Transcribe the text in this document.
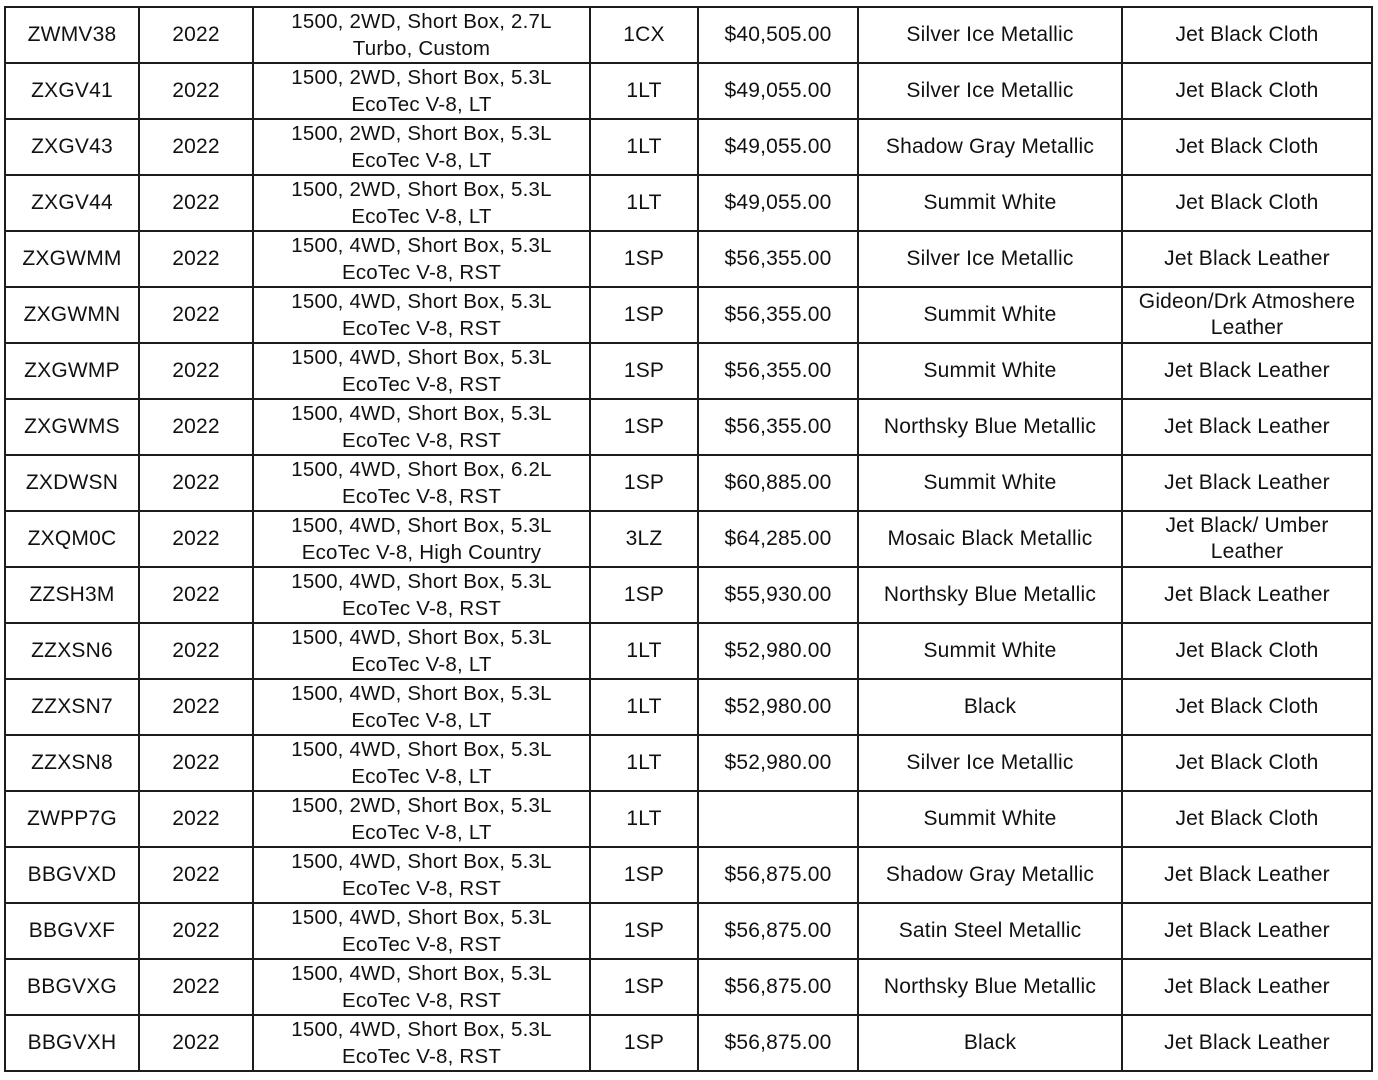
ZWMV38	2022	1500, 2WD, Short Box, 2.7L
Turbo, Custom	1CX	$40,505.00	Silver Ice Metallic	Jet Black Cloth
ZXGV41	2022	1500, 2WD, Short Box, 5.3L
EcoTec V-8, LT	1LT	$49,055.00	Silver Ice Metallic	Jet Black Cloth
ZXGV43	2022	1500, 2WD, Short Box, 5.3L
EcoTec V-8, LT	1LT	$49,055.00	Shadow Gray Metallic	Jet Black Cloth
ZXGV44	2022	1500, 2WD, Short Box, 5.3L
EcoTec V-8, LT	1LT	$49,055.00	Summit White	Jet Black Cloth
ZXGWMM	2022	1500, 4WD, Short Box, 5.3L
EcoTec V-8, RST	1SP	$56,355.00	Silver Ice Metallic	Jet Black Leather
ZXGWMN	2022	1500, 4WD, Short Box, 5.3L
EcoTec V-8, RST	1SP	$56,355.00	Summit White	Gideon/Drk Atmoshere
Leather
ZXGWMP	2022	1500, 4WD, Short Box, 5.3L
EcoTec V-8, RST	1SP	$56,355.00	Summit White	Jet Black Leather
ZXGWMS	2022	1500, 4WD, Short Box, 5.3L
EcoTec V-8, RST	1SP	$56,355.00	Northsky Blue Metallic	Jet Black Leather
ZXDWSN	2022	1500, 4WD, Short Box, 6.2L
EcoTec V-8, RST	1SP	$60,885.00	Summit White	Jet Black Leather
ZXQM0C	2022	1500, 4WD, Short Box, 5.3L
EcoTec V-8, High Country	3LZ	$64,285.00	Mosaic Black Metallic	Jet Black/ Umber
Leather
ZZSH3M	2022	1500, 4WD, Short Box, 5.3L
EcoTec V-8, RST	1SP	$55,930.00	Northsky Blue Metallic	Jet Black Leather
ZZXSN6	2022	1500, 4WD, Short Box, 5.3L
EcoTec V-8, LT	1LT	$52,980.00	Summit White	Jet Black Cloth
ZZXSN7	2022	1500, 4WD, Short Box, 5.3L
EcoTec V-8, LT	1LT	$52,980.00	Black	Jet Black Cloth
ZZXSN8	2022	1500, 4WD, Short Box, 5.3L
EcoTec V-8, LT	1LT	$52,980.00	Silver Ice Metallic	Jet Black Cloth
ZWPP7G	2022	1500, 2WD, Short Box, 5.3L
EcoTec V-8, LT	1LT		Summit White	Jet Black Cloth
BBGVXD	2022	1500, 4WD, Short Box, 5.3L
EcoTec V-8, RST	1SP	$56,875.00	Shadow Gray Metallic	Jet Black Leather
BBGVXF	2022	1500, 4WD, Short Box, 5.3L
EcoTec V-8, RST	1SP	$56,875.00	Satin Steel Metallic	Jet Black Leather
BBGVXG	2022	1500, 4WD, Short Box, 5.3L
EcoTec V-8, RST	1SP	$56,875.00	Northsky Blue Metallic	Jet Black Leather
BBGVXH	2022	1500, 4WD, Short Box, 5.3L
EcoTec V-8, RST	1SP	$56,875.00	Black	Jet Black Leather
